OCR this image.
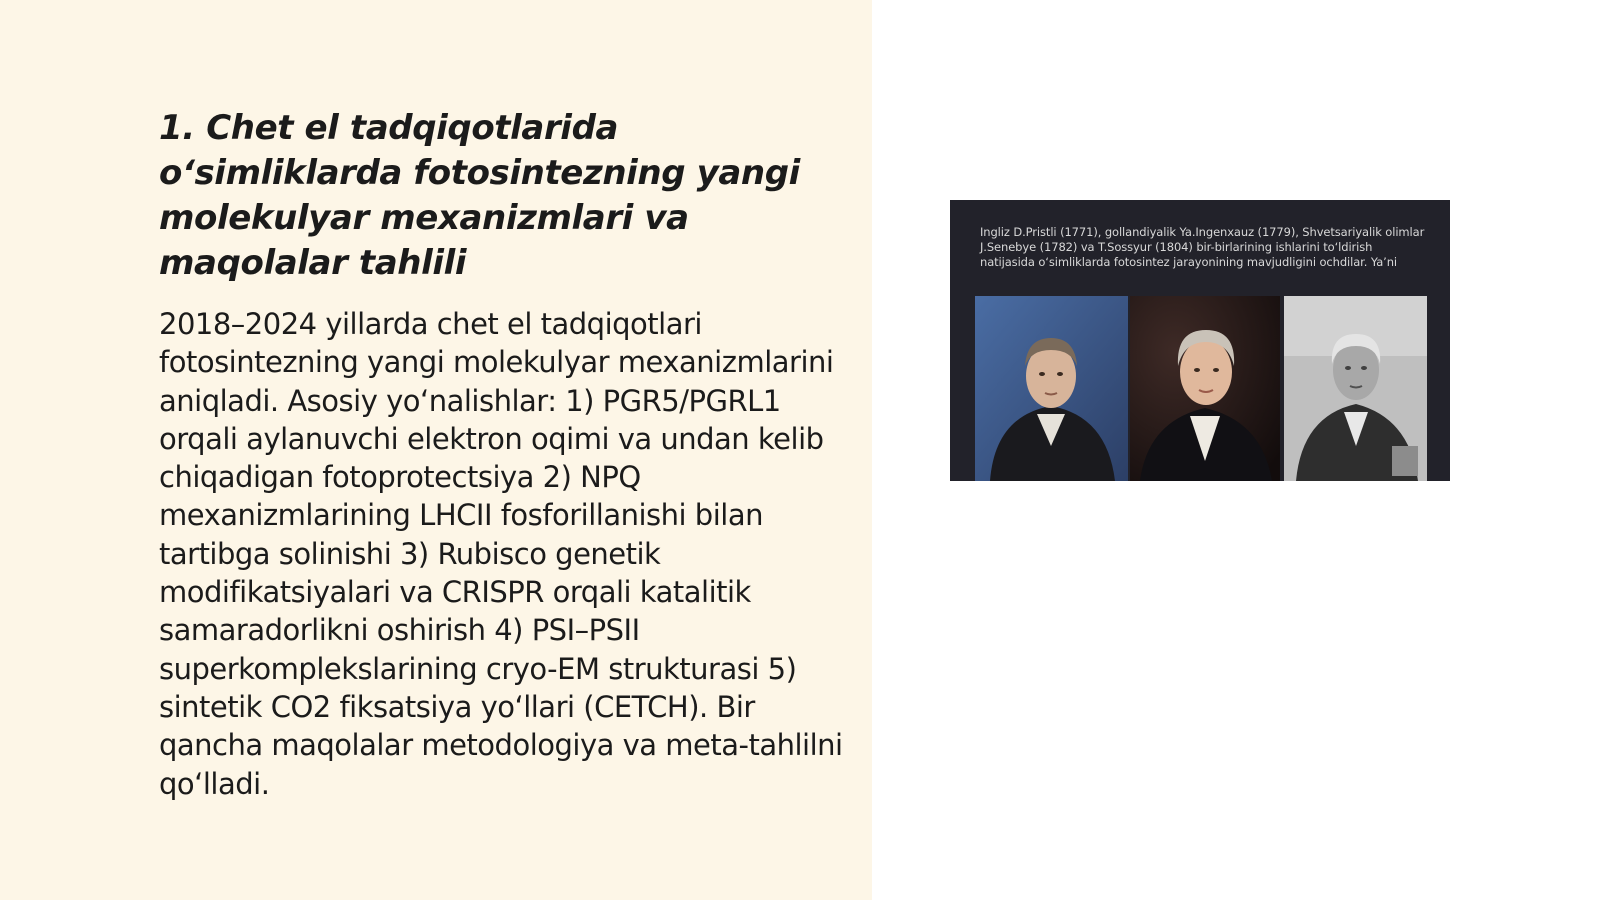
1. Chet el tadqiqotlarida o‘simliklarda fotosintezning yangi molekulyar mexanizmlari va maqolalar tahlili

2018–2024 yillarda chet el tadqiqotlari fotosintezning yangi molekulyar mexanizmlarini aniqladi. Asosiy yo‘nalishlar: 1) PGR5/PGRL1 orqali aylanuvchi elektron oqimi va undan kelib chiqadigan fotoprotectsiya 2) NPQ mexanizmlarining LHCII fosforillanishi bilan tartibga solinishi 3) Rubisco genetik modifikatsiyalari va CRISPR orqali katalitik samaradorlikni oshirish 4) PSI–PSII superkomplekslarining cryo-EM strukturasi 5) sintetik CO2 fiksatsiya yo‘llari (CETCH). Bir qancha maqolalar metodologiya va meta-tahlilni qo‘lladi.

Ingliz D.Pristli (1771), gollandiyalik Ya.Ingenxauz (1779), Shvetsariyalik olimlar J.Senebye (1782) va T.Sossyur (1804) bir-birlarining ishlarini to‘ldirish natijasida o‘simliklarda fotosintez jarayonining mavjudligini ochdilar. Ya’ni
